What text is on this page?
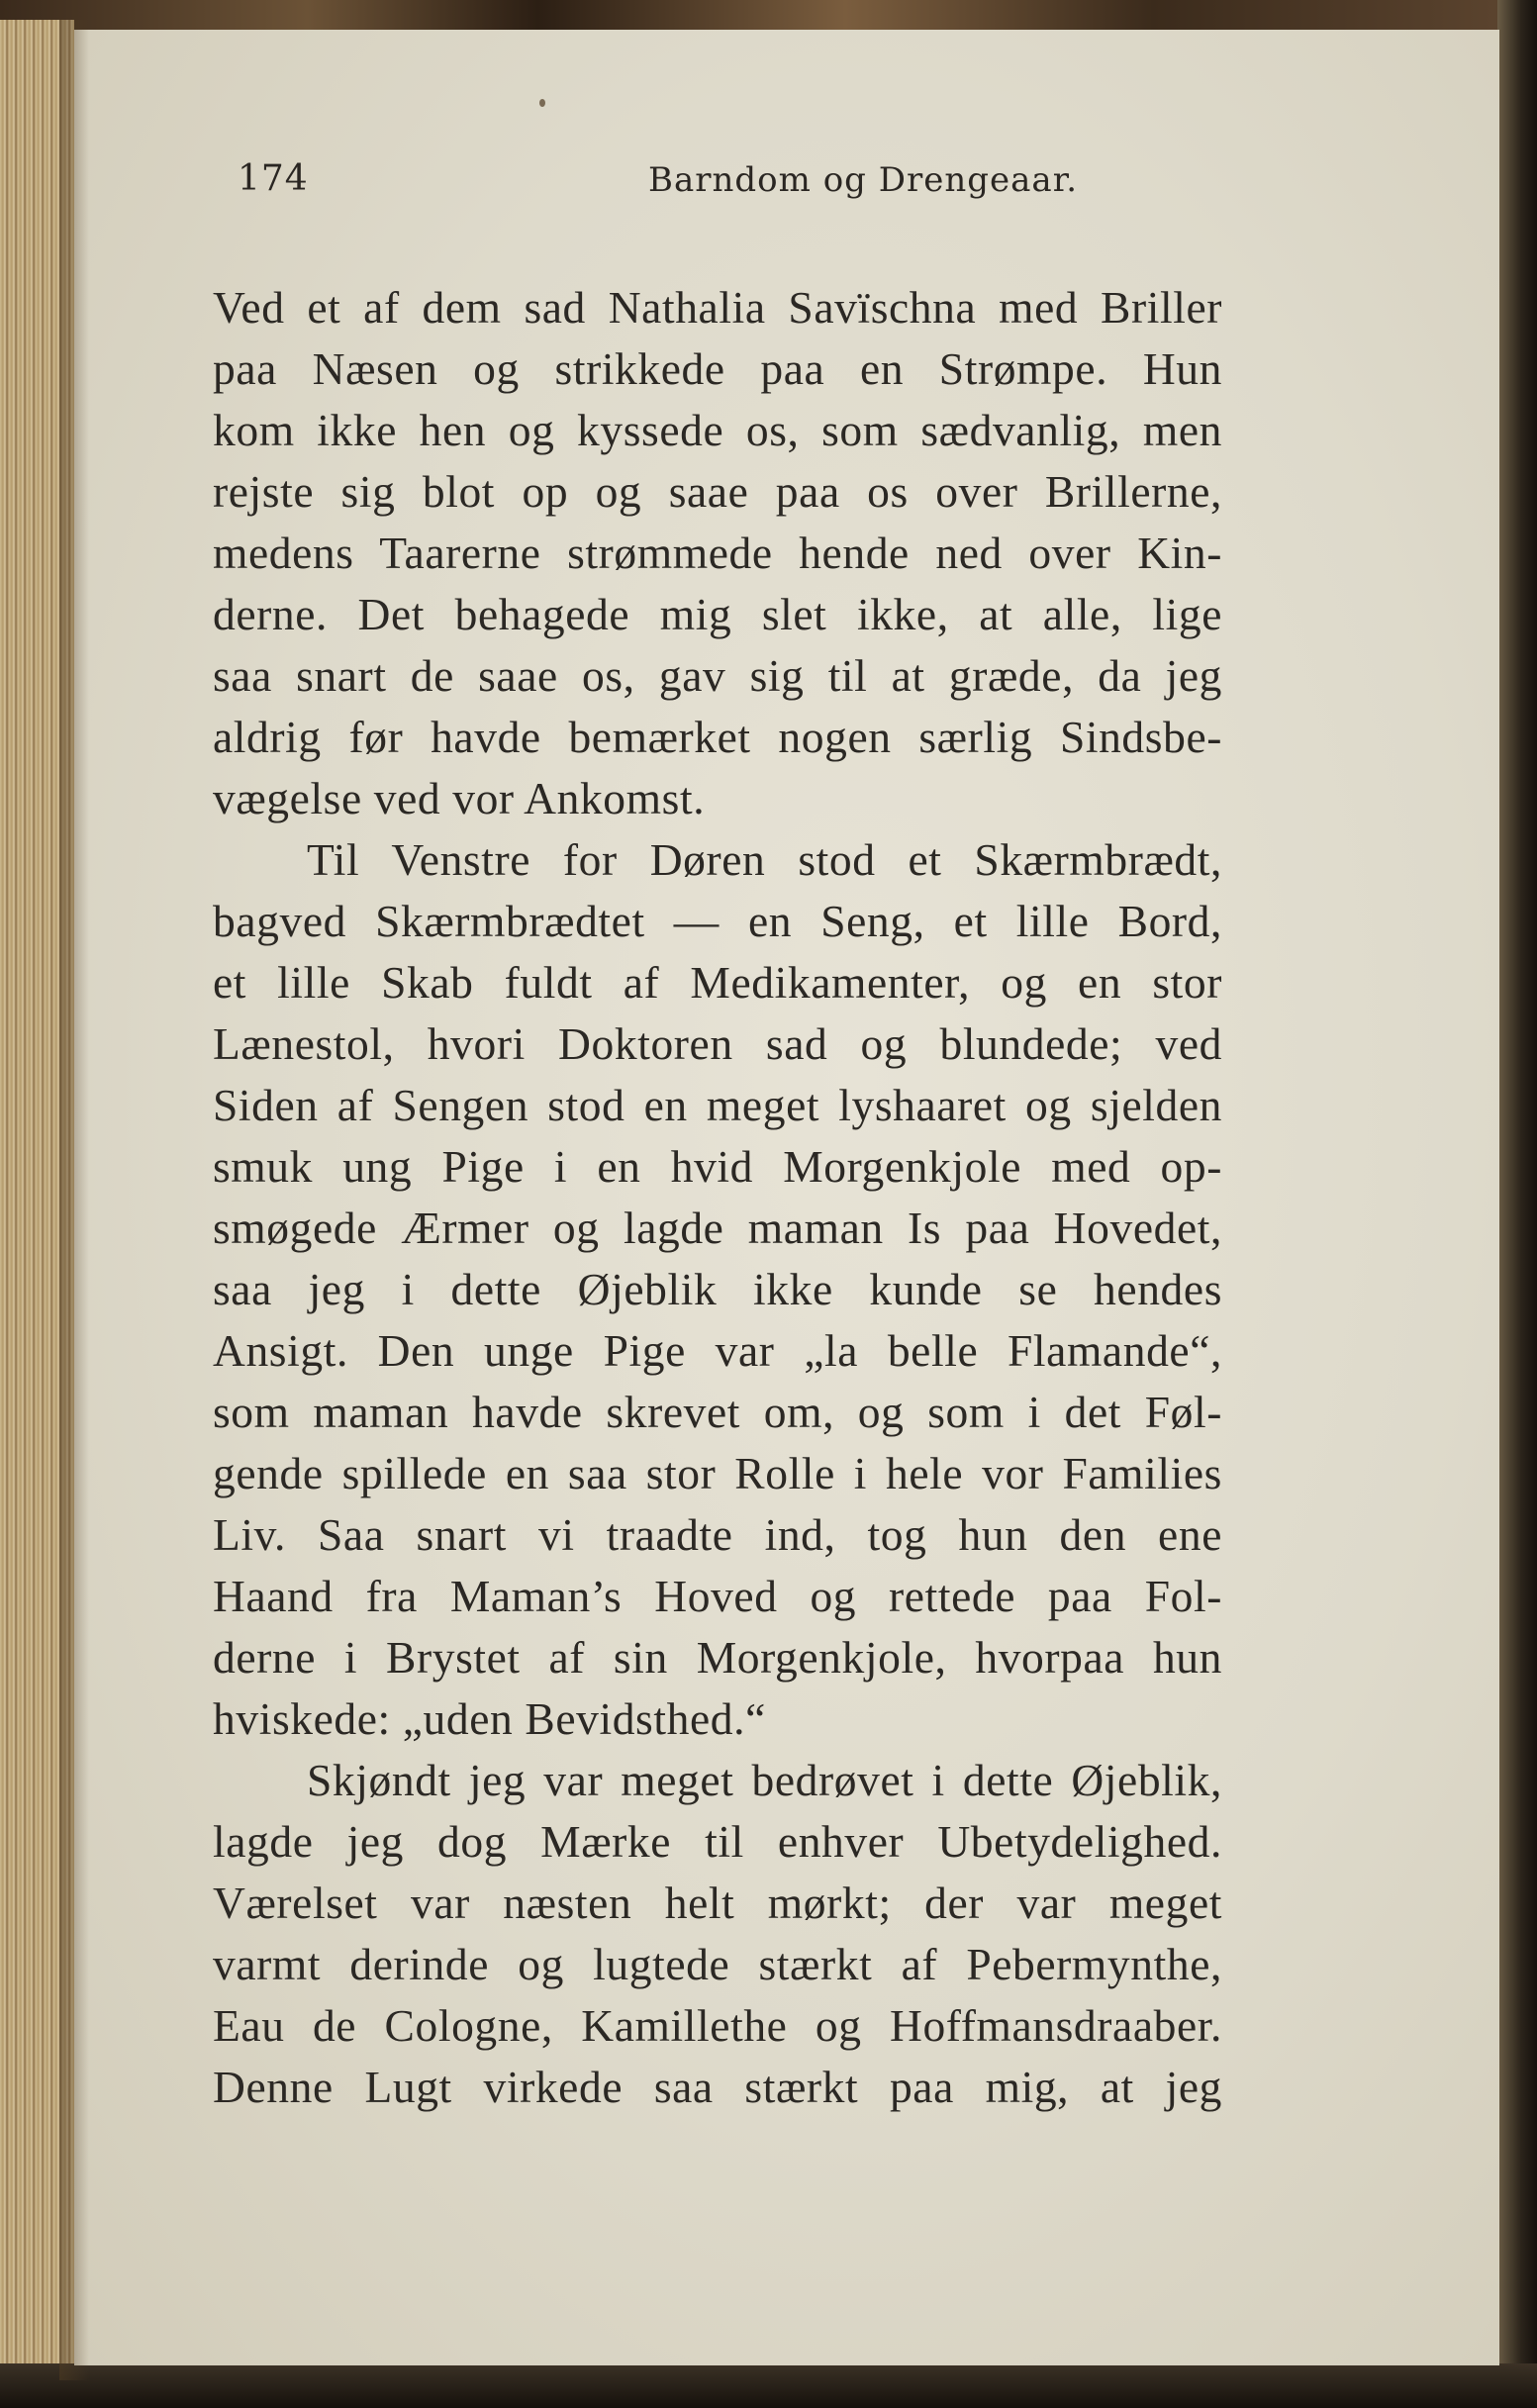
174	Barndom og Drengeaar.
Ved et af dem sad Nathalia Savïschna med Briller
paa Næsen og strikkede paa en Strømpe. Hun
kom ikke hen og kyssede os, som sædvanlig, men
rejste sig blot op og saae paa os over Brillerne,
medens Taarerne strømmede hende ned over Kin-
derne. Det behagede mig slet ikke, at alle, lige
saa snart de saae os, gav sig til at græde, da jeg
aldrig før havde bemærket nogen særlig Sindsbe-
vægelse ved vor Ankomst.
Til Venstre for Døren stod et Skærmbrædt,
bagved Skærmbrædtet — en Seng, et lille Bord,
et lille Skab fuldt af Medikamenter, og en stor
Lænestol, hvori Doktoren sad og blundede; ved
Siden af Sengen stod en meget lyshaaret og sjelden
smuk ung Pige i en hvid Morgenkjole med op-
smøgede Ærmer og lagde maman Is paa Hovedet,
saa jeg i dette Øjeblik ikke kunde se hendes
Ansigt. Den unge Pige var „la belle Flamande“,
som maman havde skrevet om, og som i det Føl-
gende spillede en saa stor Rolle i hele vor Families
Liv. Saa snart vi traadte ind, tog hun den ene
Haand fra Maman’s Hoved og rettede paa Fol-
derne i Brystet af sin Morgenkjole, hvorpaa hun
hviskede: „uden Bevidsthed.“
Skjøndt jeg var meget bedrøvet i dette Øjeblik,
lagde jeg dog Mærke til enhver Ubetydelighed.
Værelset var næsten helt mørkt; der var meget
varmt derinde og lugtede stærkt af Pebermynthe,
Eau de Cologne, Kamillethe og Hoffmansdraaber.
Denne Lugt virkede saa stærkt paa mig, at jeg
